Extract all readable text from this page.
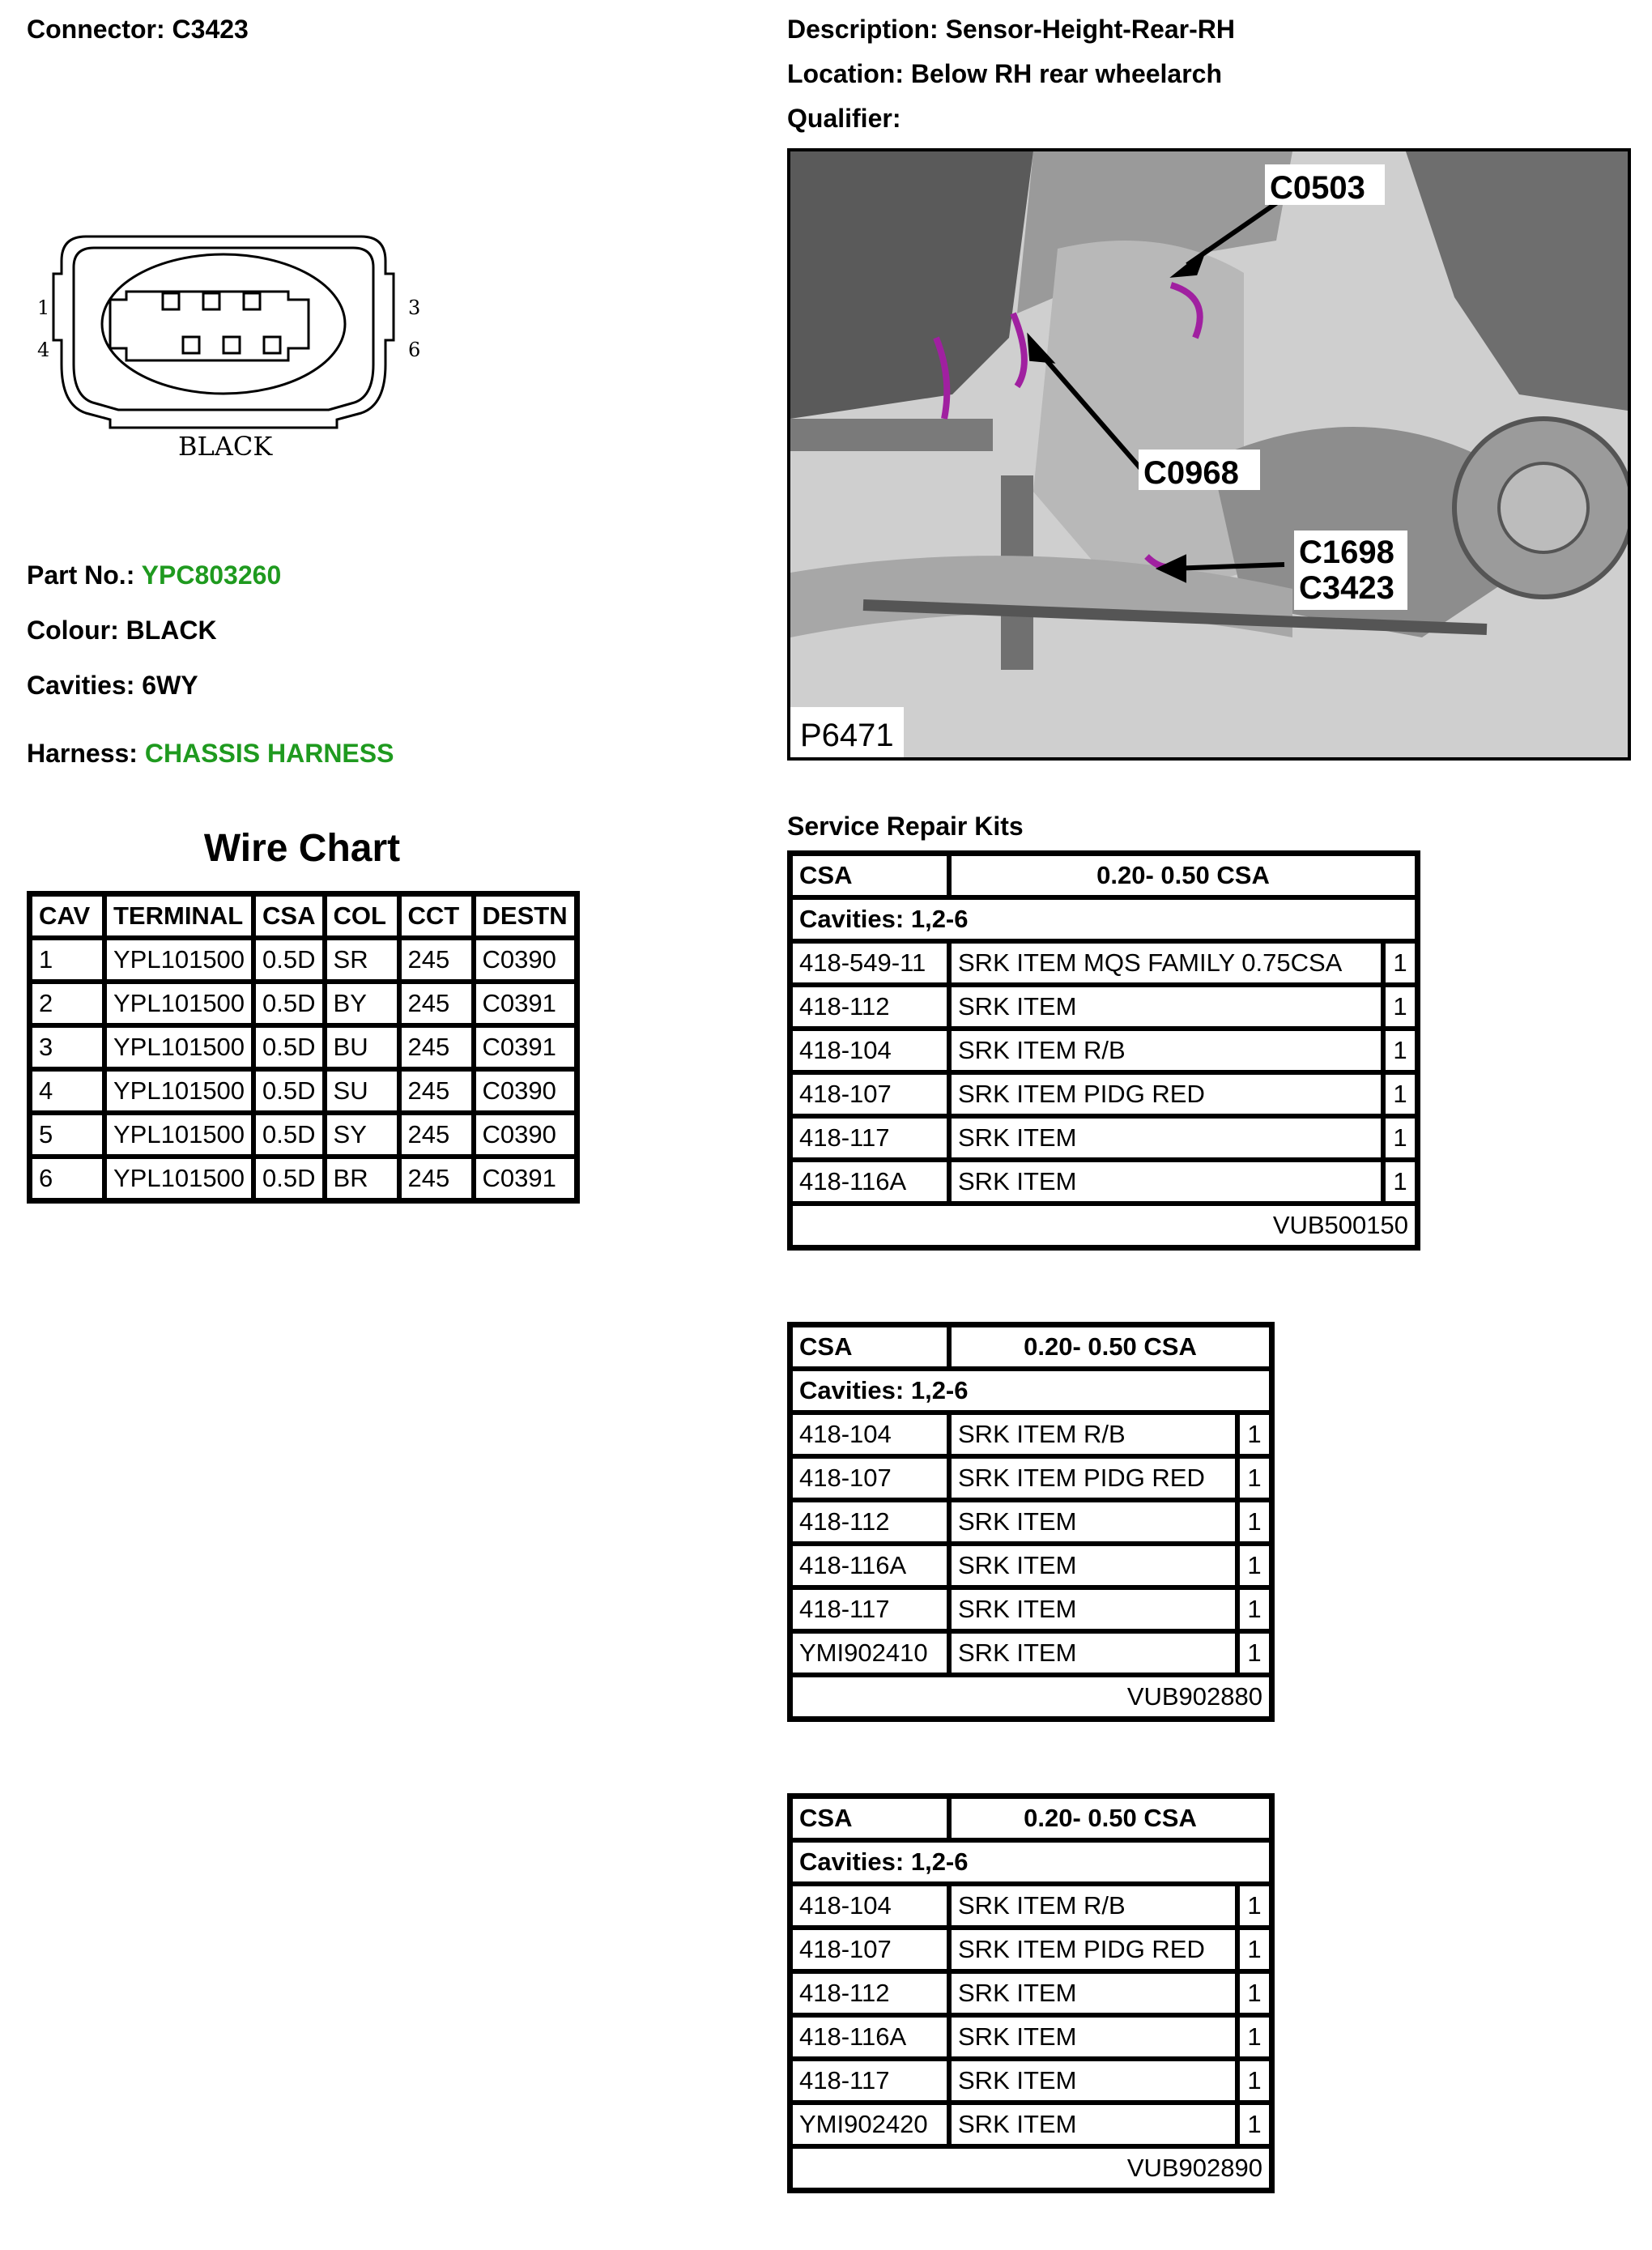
Connector: C3423	Description: Sensor-Height-Rear-RH
Location: Below RH rear wheelarch
Qualifier:
1
4
3
6
BLACK
Part No.: YPC803260
Colour: BLACK
Cavities: 6WY
Harness: CHASSIS HARNESS
C0503
C0968
C1698
C3423
P6471
Wire Chart
CAV	TERMINAL	CSA	COL	CCT	DESTN
1	YPL101500	0.5D	SR	245	C0390
2	YPL101500	0.5D	BY	245	C0391
3	YPL101500	0.5D	BU	245	C0391
4	YPL101500	0.5D	SU	245	C0390
5	YPL101500	0.5D	SY	245	C0390
6	YPL101500	0.5D	BR	245	C0391
Service Repair Kits
CSA	0.20- 0.50 CSA	
Cavities: 1,2-6		
418-549-11	SRK ITEM MQS FAMILY 0.75CSA	1
418-112	SRK ITEM	1
418-104	SRK ITEM R/B	1
418-107	SRK ITEM PIDG RED	1
418-117	SRK ITEM	1
418-116A	SRK ITEM	1
VUB500150		
CSA	0.20- 0.50 CSA	
Cavities: 1,2-6		
418-104	SRK ITEM R/B	1
418-107	SRK ITEM PIDG RED	1
418-112	SRK ITEM	1
418-116A	SRK ITEM	1
418-117	SRK ITEM	1
YMI902410	SRK ITEM	1
VUB902880		
CSA	0.20- 0.50 CSA	
Cavities: 1,2-6		
418-104	SRK ITEM R/B	1
418-107	SRK ITEM PIDG RED	1
418-112	SRK ITEM	1
418-116A	SRK ITEM	1
418-117	SRK ITEM	1
YMI902420	SRK ITEM	1
VUB902890		
